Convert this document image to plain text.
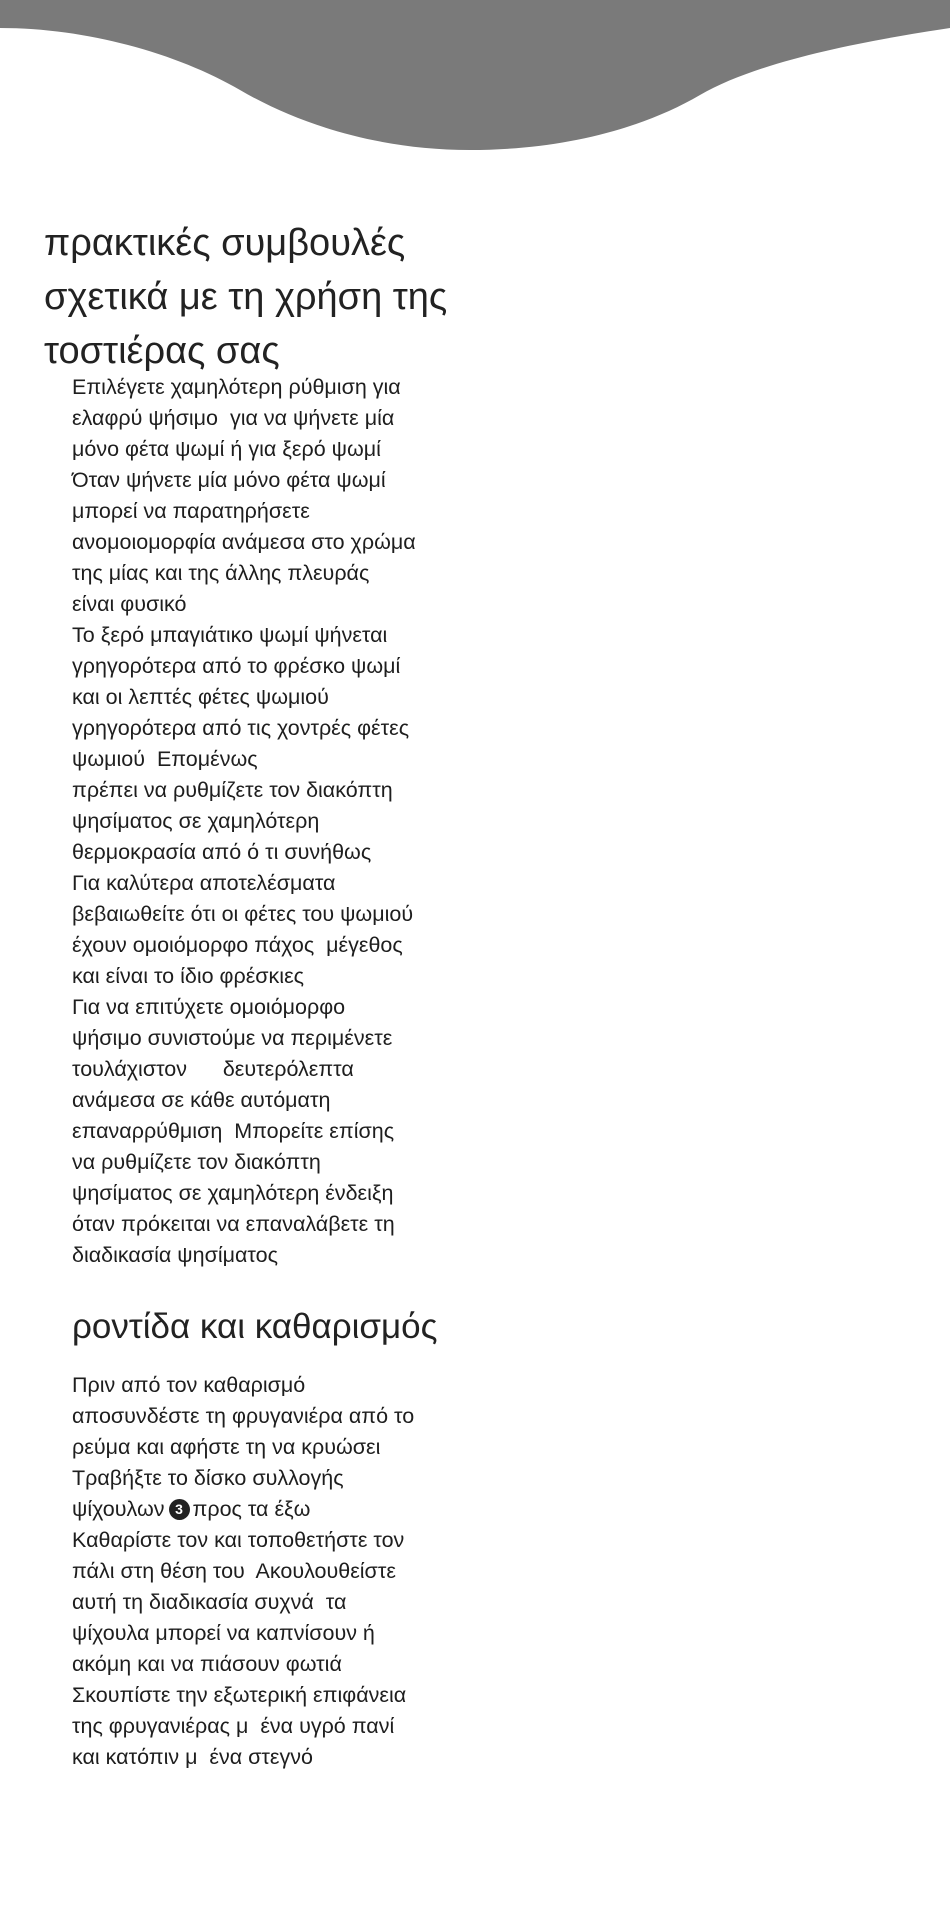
πρακτικές συμβουλές
σχετικά με τη χρήση της
τοστιέρας σας
Επιλέγετε χαμηλότερη ρύθμιση για
ελαφρύ ψήσιμο  για να ψήνετε μία
μόνο φέτα ψωμί ή για ξερό ψωμί
Όταν ψήνετε μία μόνο φέτα ψωμί
μπορεί να παρατηρήσετε
ανομοιομορφία ανάμεσα στο χρώμα
της μίας και της άλλης πλευράς
είναι φυσικό
Το ξερό μπαγιάτικο ψωμί ψήνεται
γρηγορότερα από το φρέσκο ψωμί
και οι λεπτές φέτες ψωμιού
γρηγορότερα από τις χοντρές φέτες
ψωμιού  Επομένως
πρέπει να ρυθμίζετε τον διακόπτη
ψησίματος σε χαμηλότερη
θερμοκρασία από ό τι συνήθως
Για καλύτερα αποτελέσματα
βεβαιωθείτε ότι οι φέτες του ψωμιού
έχουν ομοιόμορφο πάχος  μέγεθος
και είναι το ίδιο φρέσκιες
Για να επιτύχετε ομοιόμορφο
ψήσιμο συνιστούμε να περιμένετε
τουλάχιστον      δευτερόλεπτα
ανάμεσα σε κάθε αυτόματη
επαναρρύθμιση  Μπορείτε επίσης
να ρυθμίζετε τον διακόπτη
ψησίματος σε χαμηλότερη ένδειξη
όταν πρόκειται να επαναλάβετε τη
διαδικασία ψησίματος
ροντίδα και καθαρισμός
Πριν από τον καθαρισμό
αποσυνδέστε τη φρυγανιέρα από το
ρεύμα και αφήστε τη να κρυώσει
Τραβήξτε το δίσκο συλλογής
ψίχουλων 3 προς τα έξω
Καθαρίστε τον και τοποθετήστε τον
πάλι στη θέση του  Ακουλουθείστε
αυτή τη διαδικασία συχνά  τα
ψίχουλα μπορεί να καπνίσουν ή
ακόμη και να πιάσουν φωτιά
Σκουπίστε την εξωτερική επιφάνεια
της φρυγανιέρας μ  ένα υγρό πανί
και κατόπιν μ  ένα στεγνό
